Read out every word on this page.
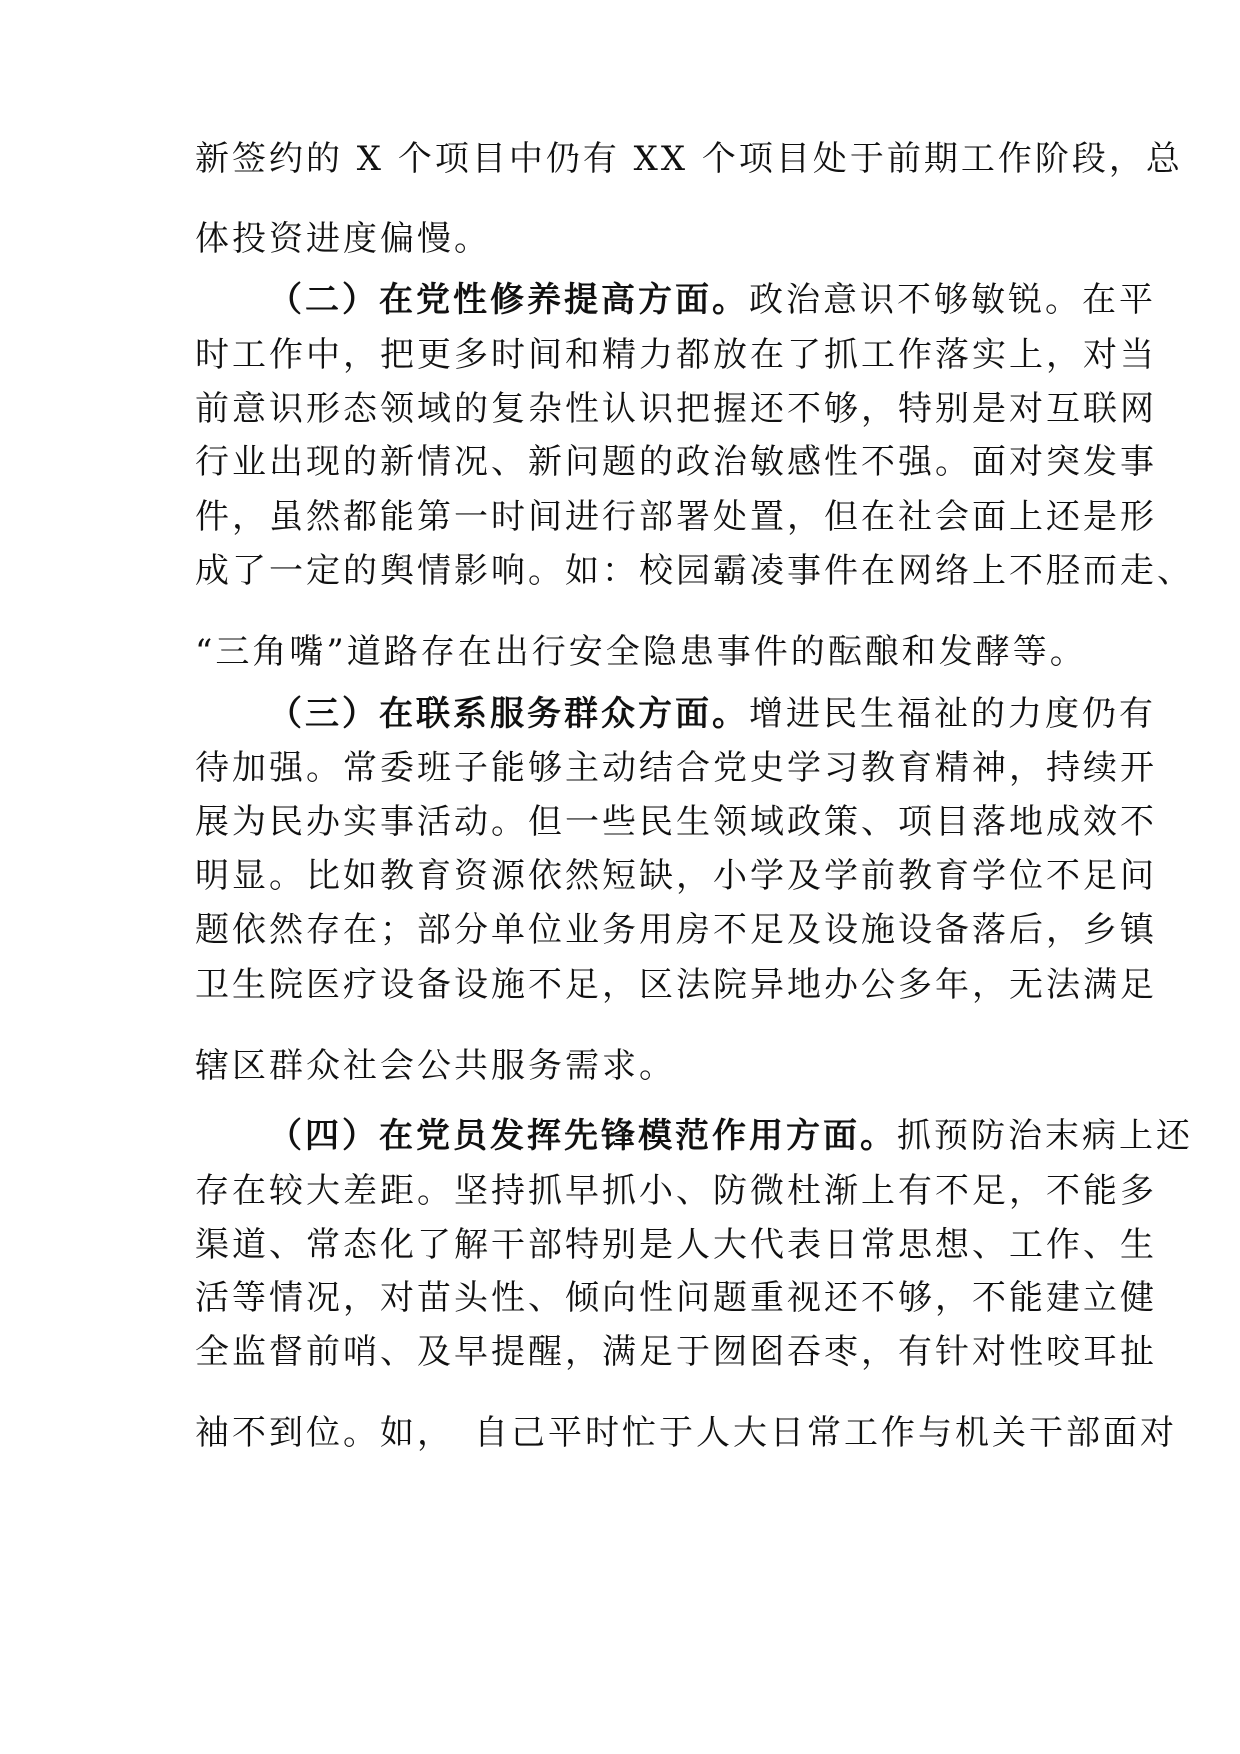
新签约的 X 个项目中仍有 XX 个项目处于前期工作阶段，总
体投资进度偏慢。
（二）在党性修养提高方面。政治意识不够敏锐。在平
时工作中，把更多时间和精力都放在了抓工作落实上，对当
前意识形态领域的复杂性认识把握还不够，特别是对互联网
行业出现的新情况、新问题的政治敏感性不强。面对突发事
件，虽然都能第一时间进行部署处置，但在社会面上还是形
成了一定的舆情影响。如：校园霸凌事件在网络上不胫而走、
“三角嘴”道路存在出行安全隐患事件的酝酿和发酵等。
（三）在联系服务群众方面。增进民生福祉的力度仍有
待加强。常委班子能够主动结合党史学习教育精神，持续开
展为民办实事活动。但一些民生领域政策、项目落地成效不
明显。比如教育资源依然短缺，小学及学前教育学位不足问
题依然存在；部分单位业务用房不足及设施设备落后，乡镇
卫生院医疗设备设施不足，区法院异地办公多年，无法满足
辖区群众社会公共服务需求。
（四）在党员发挥先锋模范作用方面。抓预防治末病上还
存在较大差距。坚持抓早抓小、防微杜渐上有不足，不能多
渠道、常态化了解干部特别是人大代表日常思想、工作、生
活等情况，对苗头性、倾向性问题重视还不够，不能建立健
全监督前哨、及早提醒，满足于囫囵吞枣，有针对性咬耳扯
袖不到位。如，　自己平时忙于人大日常工作与机关干部面对
